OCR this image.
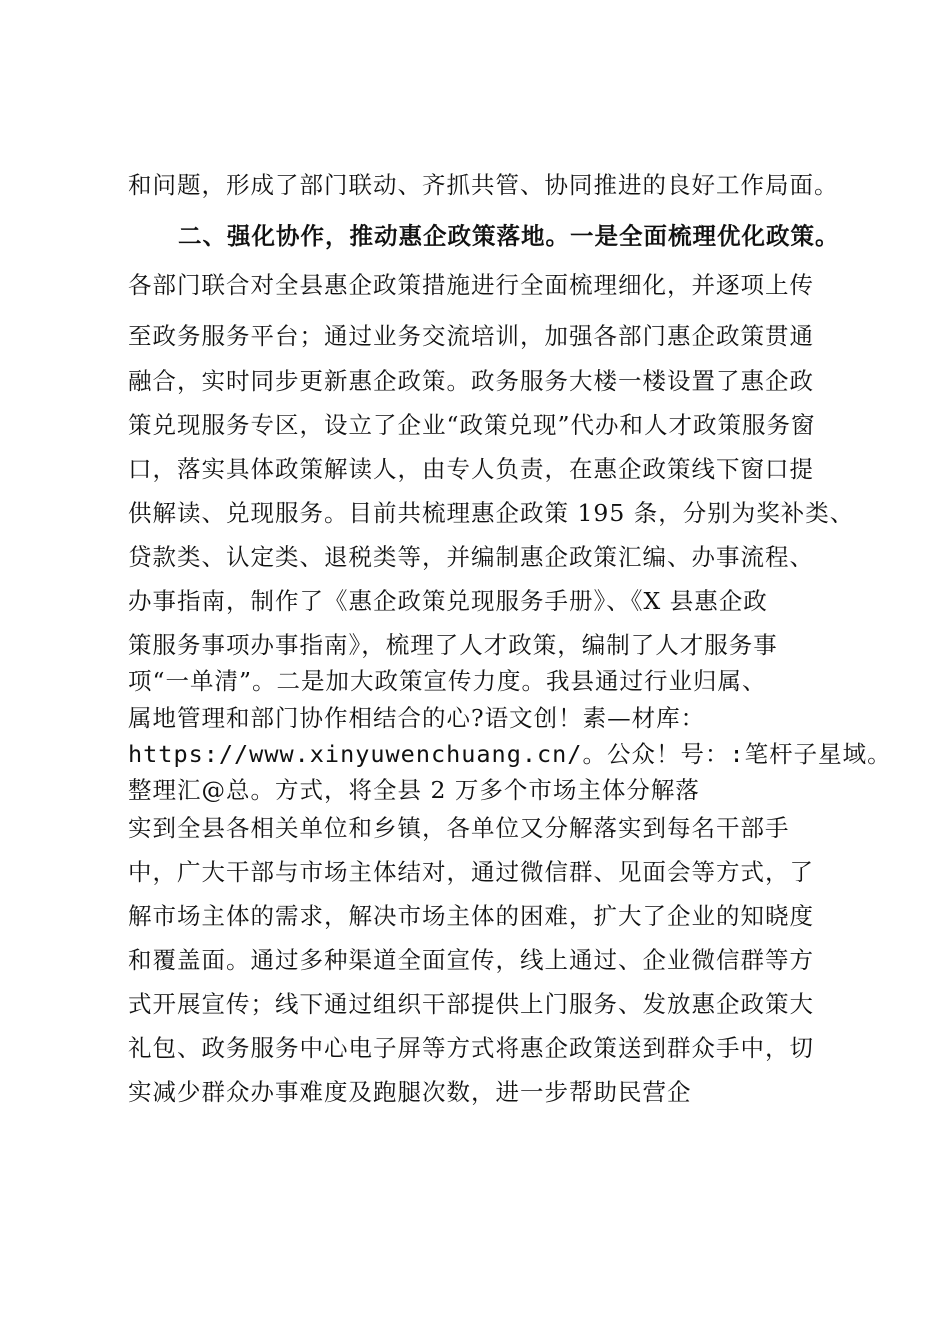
和问题，形成了部门联动、齐抓共管、协同推进的良好工作局面。
二、强化协作，推动惠企政策落地。一是全面梳理优化政策。
各部门联合对全县惠企政策措施进行全面梳理细化，并逐项上传
至政务服务平台；通过业务交流培训，加强各部门惠企政策贯通
融合，实时同步更新惠企政策。政务服务大楼一楼设置了惠企政
策兑现服务专区，设立了企业“政策兑现”代办和人才政策服务窗
口，落实具体政策解读人，由专人负责，在惠企政策线下窗口提
供解读、兑现服务。目前共梳理惠企政策 195 条，分别为奖补类、
贷款类、认定类、退税类等，并编制惠企政策汇编、办事流程、
办事指南，制作了《惠企政策兑现服务手册》、《X 县惠企政
策服务事项办事指南》，梳理了人才政策，编制了人才服务事
项“一单清”。二是加大政策宣传力度。我县通过行业归属、
属地管理和部门协作相结合的心?语文创！素—材库：
https://www.xinyuwenchuang.cn/。公众！号：:笔杆子星域。
整理汇@总。方式，将全县 2 万多个市场主体分解落
实到全县各相关单位和乡镇，各单位又分解落实到每名干部手
中，广大干部与市场主体结对，通过微信群、见面会等方式，了
解市场主体的需求，解决市场主体的困难，扩大了企业的知晓度
和覆盖面。通过多种渠道全面宣传，线上通过、企业微信群等方
式开展宣传；线下通过组织干部提供上门服务、发放惠企政策大
礼包、政务服务中心电子屏等方式将惠企政策送到群众手中，切
实减少群众办事难度及跑腿次数，进一步帮助民营企
